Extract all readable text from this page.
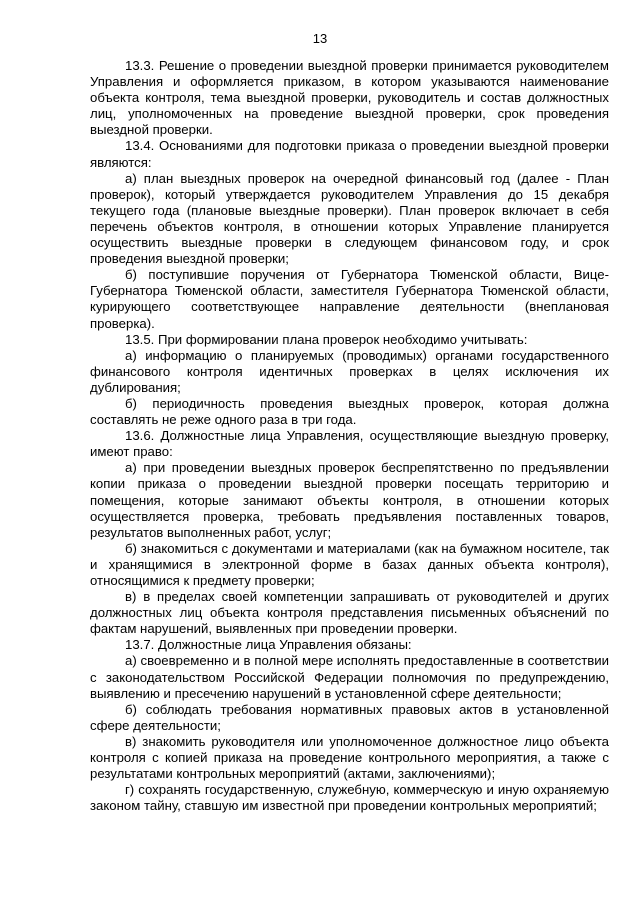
13

13.3. Решение о проведении выездной проверки принимается руководителем Управления и оформляется приказом, в котором указываются наименование объекта контроля, тема выездной проверки, руководитель и состав должностных лиц, уполномоченных на проведение выездной проверки, срок проведения выездной проверки.

13.4. Основаниями для подготовки приказа о проведении выездной проверки являются:

а) план выездных проверок на очередной финансовый год (далее - План проверок), который утверждается руководителем Управления до 15 декабря текущего года (плановые выездные проверки). План проверок включает в себя перечень объектов контроля, в отношении которых Управление планируется осуществить выездные проверки в следующем финансовом году, и срок проведения выездной проверки;

б) поступившие поручения от Губернатора Тюменской области, Вице-Губернатора Тюменской области, заместителя Губернатора Тюменской области, курирующего соответствующее направление деятельности (внеплановая проверка).

13.5. При формировании плана проверок необходимо учитывать:

а) информацию о планируемых (проводимых) органами государственного финансового контроля идентичных проверках в целях исключения их дублирования;

б) периодичность проведения выездных проверок, которая должна составлять не реже одного раза в три года.

13.6. Должностные лица Управления, осуществляющие выездную проверку, имеют право:

а) при проведении выездных проверок беспрепятственно по предъявлении копии приказа о проведении выездной проверки посещать территорию и помещения, которые занимают объекты контроля, в отношении которых осуществляется проверка, требовать предъявления поставленных товаров, результатов выполненных работ, услуг;

б) знакомиться с документами и материалами (как на бумажном носителе, так и хранящимися в электронной форме в базах данных объекта контроля), относящимися к предмету проверки;

в) в пределах своей компетенции запрашивать от руководителей и других должностных лиц объекта контроля представления письменных объяснений по фактам нарушений, выявленных при проведении проверки.

13.7. Должностные лица Управления обязаны:

а) своевременно и в полной мере исполнять предоставленные в соответствии с законодательством Российской Федерации полномочия по предупреждению, выявлению и пресечению нарушений в установленной сфере деятельности;

б) соблюдать требования нормативных правовых актов в установленной сфере деятельности;

в) знакомить руководителя или уполномоченное должностное лицо объекта контроля с копией приказа на проведение контрольного мероприятия, а также с результатами контрольных мероприятий (актами, заключениями);

г) сохранять государственную, служебную, коммерческую и иную охраняемую законом тайну, ставшую им известной при проведении контрольных мероприятий;
